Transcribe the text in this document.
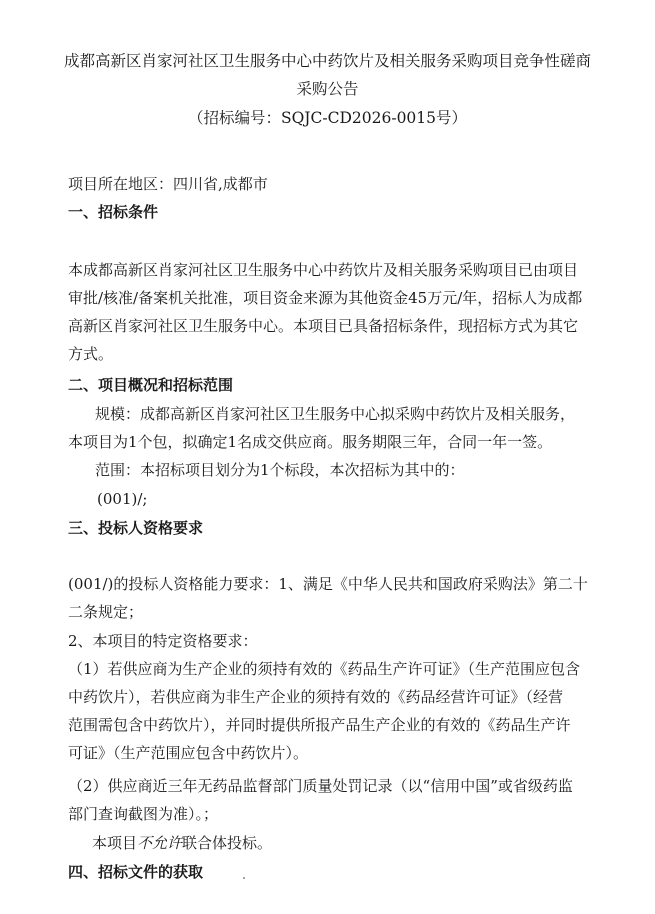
成都高新区肖家河社区卫生服务中心中药饮片及相关服务采购项目竞争性磋商
采购公告
（招标编号：SQJC-CD2026-0015号）
项目所在地区：四川省,成都市
一、招标条件
本成都高新区肖家河社区卫生服务中心中药饮片及相关服务采购项目已由项目
审批/核准/备案机关批准，项目资金来源为其他资金45万元/年，招标人为成都
高新区肖家河社区卫生服务中心。本项目已具备招标条件，现招标方式为其它
方式。
二、项目概况和招标范围
规模：成都高新区肖家河社区卫生服务中心拟采购中药饮片及相关服务，
本项目为1个包，拟确定1名成交供应商。服务期限三年，合同一年一签。
范围：本招标项目划分为1个标段，本次招标为其中的：
(001)/;
三、投标人资格要求
(001/)的投标人资格能力要求：1、满足《中华人民共和国政府采购法》第二十
二条规定；
2、本项目的特定资格要求：
（1）若供应商为生产企业的须持有效的《药品生产许可证》（生产范围应包含
中药饮片），若供应商为非生产企业的须持有效的《药品经营许可证》（经营
范围需包含中药饮片），并同时提供所报产品生产企业的有效的《药品生产许
可证》（生产范围应包含中药饮片）。
（2）供应商近三年无药品监督部门质量处罚记录（以“信用中国”或省级药监
部门查询截图为准）。；
本项目不允许联合体投标。
四、招标文件的获取
